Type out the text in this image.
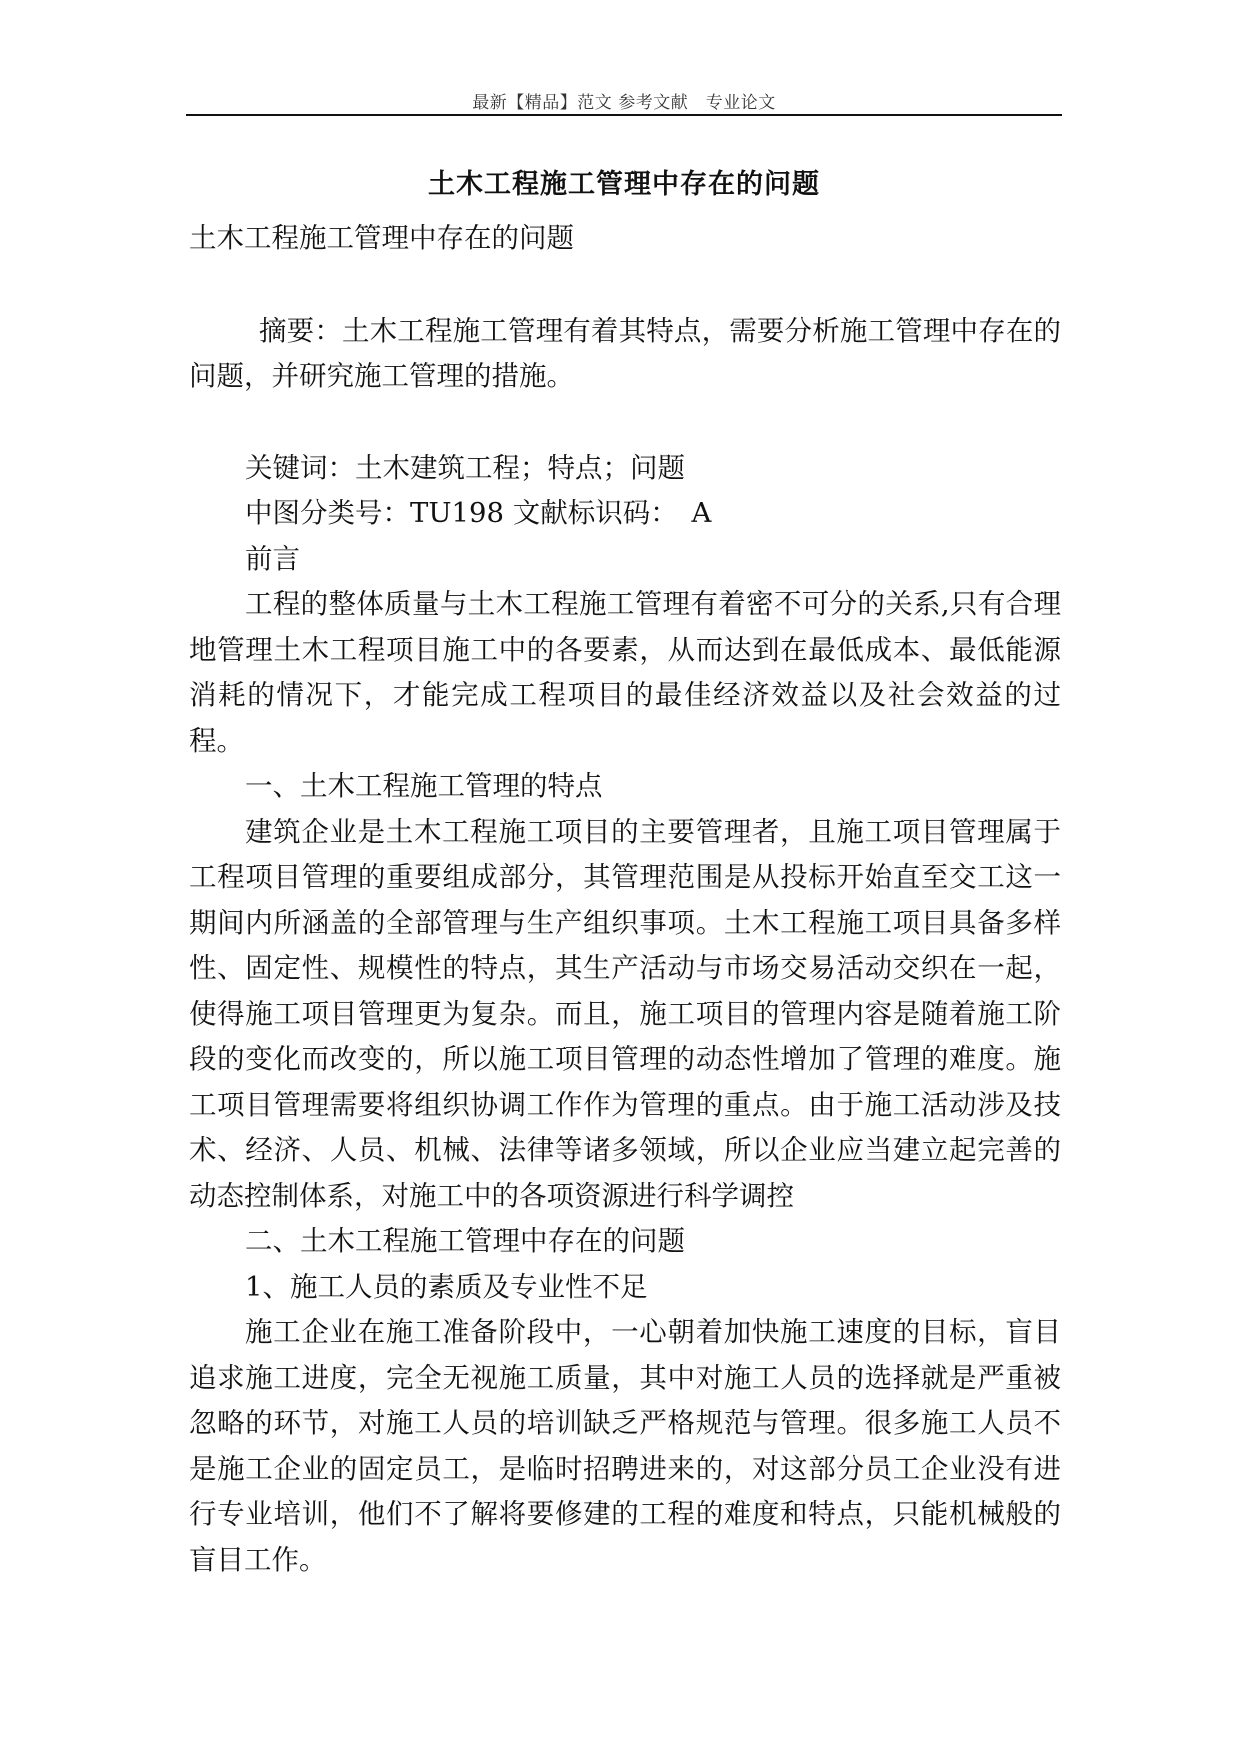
最新【精品】范文 参考文献　专业论文
土木工程施工管理中存在的问题

土木工程施工管理中存在的问题

摘要：土木工程施工管理有着其特点，需要分析施工管理中存在的问题，并研究施工管理的措施。

关键词：土木建筑工程；特点；问题

中图分类号：TU198 文献标识码：　A

前言

工程的整体质量与土木工程施工管理有着密不可分的关系,只有合理地管理土木工程项目施工中的各要素，从而达到在最低成本、最低能源消耗的情况下，才能完成工程项目的最佳经济效益以及社会效益的过程。

一、土木工程施工管理的特点

建筑企业是土木工程施工项目的主要管理者，且施工项目管理属于工程项目管理的重要组成部分，其管理范围是从投标开始直至交工这一期间内所涵盖的全部管理与生产组织事项。土木工程施工项目具备多样性、固定性、规模性的特点，其生产活动与市场交易活动交织在一起，使得施工项目管理更为复杂。而且，施工项目的管理内容是随着施工阶段的变化而改变的，所以施工项目管理的动态性增加了管理的难度。施工项目管理需要将组织协调工作作为管理的重点。由于施工活动涉及技术、经济、人员、机械、法律等诸多领域，所以企业应当建立起完善的动态控制体系，对施工中的各项资源进行科学调控

二、土木工程施工管理中存在的问题

1、施工人员的素质及专业性不足

施工企业在施工准备阶段中，一心朝着加快施工速度的目标，盲目追求施工进度，完全无视施工质量，其中对施工人员的选择就是严重被忽略的环节，对施工人员的培训缺乏严格规范与管理。很多施工人员不是施工企业的固定员工，是临时招聘进来的，对这部分员工企业没有进行专业培训，他们不了解将要修建的工程的难度和特点，只能机械般的盲目工作。
